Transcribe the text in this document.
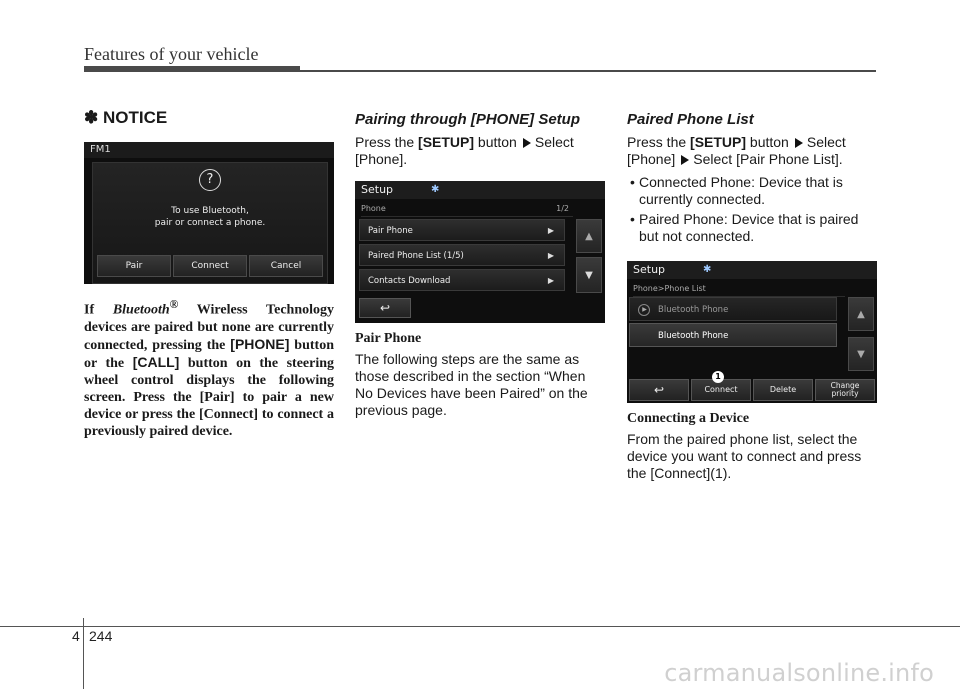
Features of your vehicle
✽ NOTICE
FM1
?
To use Bluetooth,
pair or connect a phone.
Pair	Connect	Cancel

If Bluetooth® Wireless Technology devices are paired but none are currently connected, pressing the [PHONE] button or the [CALL] button on the steering wheel control displays the following screen. Press the [Pair] to pair a new device or press the [Connect] to connect a previously paired device.

Pairing through [PHONE] Setup

Press the [SETUP] button Select
[Phone].

Setup	✱
Phone	1/2
Pair Phone	▶
Paired Phone List (1/5)	▶
Contacts Download	▶
▲
▼
↩
Pair Phone

The following steps are the same as those described in the section “When No Devices have been Paired” on the previous page.

Paired Phone List

Press the [SETUP] button Select
[Phone] Select [Pair Phone List].

• Connected Phone: Device that is currently connected.
• Paired Phone: Device that is paired but not connected.
Setup	✱
Phone>Phone List
▶	Bluetooth Phone
Bluetooth Phone
▲
▼
↩	Connect	Delete	Change priority
1
Connecting a Device

From the paired phone list, select the device you want to connect and press the [Connect](1).

4 244
carmanualsonline.info
